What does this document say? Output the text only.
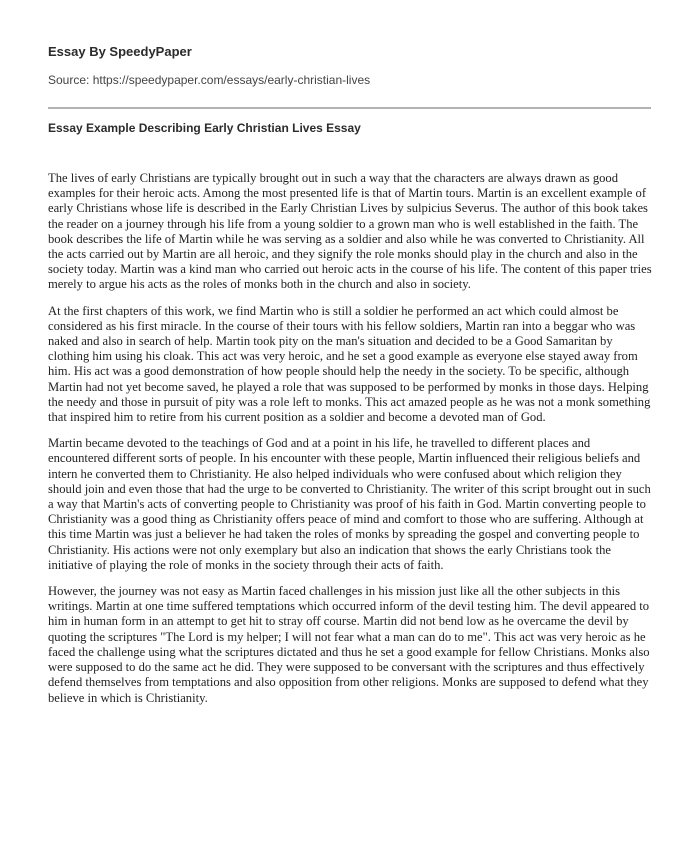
Essay By SpeedyPaper
Source: https://speedypaper.com/essays/early-christian-lives
Essay Example Describing Early Christian Lives Essay

The lives of early Christians are typically brought out in such a way that the characters are always drawn as good examples for their heroic acts. Among the most presented life is that of Martin tours. Martin is an excellent example of early Christians whose life is described in the Early Christian Lives by sulpicius Severus. The author of this book takes the reader on a journey through his life from a young soldier to a grown man who is well established in the faith. The book describes the life of Martin while he was serving as a soldier and also while he was converted to Christianity. All the acts carried out by Martin are all heroic, and they signify the role monks should play in the church and also in the society today. Martin was a kind man who carried out heroic acts in the course of his life. The content of this paper tries merely to argue his acts as the roles of monks both in the church and also in society.

At the first chapters of this work, we find Martin who is still a soldier he performed an act which could almost be considered as his first miracle. In the course of their tours with his fellow soldiers, Martin ran into a beggar who was naked and also in search of help. Martin took pity on the man's situation and decided to be a Good Samaritan by clothing him using his cloak. This act was very heroic, and he set a good example as everyone else stayed away from him. His act was a good demonstration of how people should help the needy in the society. To be specific, although Martin had not yet become saved, he played a role that was supposed to be performed by monks in those days. Helping the needy and those in pursuit of pity was a role left to monks. This act amazed people as he was not a monk something that inspired him to retire from his current position as a soldier and become a devoted man of God.

Martin became devoted to the teachings of God and at a point in his life, he travelled to different places and encountered different sorts of people. In his encounter with these people, Martin influenced their religious beliefs and intern he converted them to Christianity. He also helped individuals who were confused about which religion they should join and even those that had the urge to be converted to Christianity. The writer of this script brought out in such a way that Martin's acts of converting people to Christianity was proof of his faith in God. Martin converting people to Christianity was a good thing as Christianity offers peace of mind and comfort to those who are suffering. Although at this time Martin was just a believer he had taken the roles of monks by spreading the gospel and converting people to Christianity. His actions were not only exemplary but also an indication that shows the early Christians took the initiative of playing the role of monks in the society through their acts of faith.

However, the journey was not easy as Martin faced challenges in his mission just like all the other subjects in this writings. Martin at one time suffered temptations which occurred inform of the devil testing him. The devil appeared to him in human form in an attempt to get hit to stray off course. Martin did not bend low as he overcame the devil by quoting the scriptures "The Lord is my helper; I will not fear what a man can do to me". This act was very heroic as he faced the challenge using what the scriptures dictated and thus he set a good example for fellow Christians. Monks also were supposed to do the same act he did. They were supposed to be conversant with the scriptures and thus effectively defend themselves from temptations and also opposition from other religions. Monks are supposed to defend what they believe in which is Christianity.
